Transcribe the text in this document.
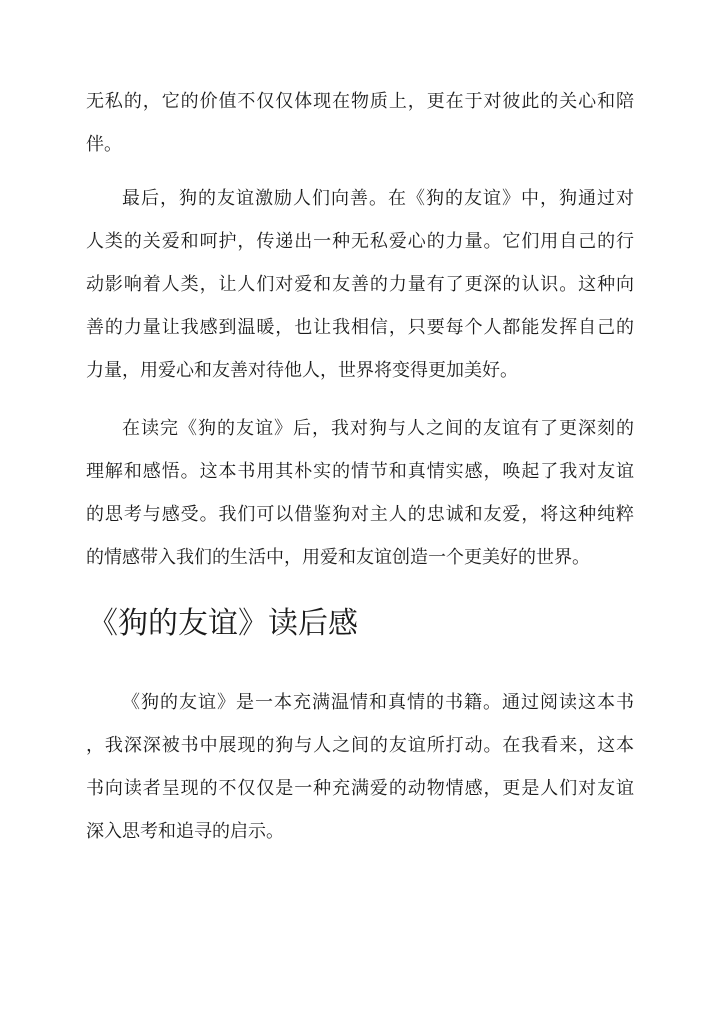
无私的，它的价值不仅仅体现在物质上，更在于对彼此的关心和陪
伴。
最后，狗的友谊激励人们向善。在《狗的友谊》中，狗通过对
人类的关爱和呵护，传递出一种无私爱心的力量。它们用自己的行
动影响着人类，让人们对爱和友善的力量有了更深的认识。这种向
善的力量让我感到温暖，也让我相信，只要每个人都能发挥自己的
力量，用爱心和友善对待他人，世界将变得更加美好。
在读完《狗的友谊》后，我对狗与人之间的友谊有了更深刻的
理解和感悟。这本书用其朴实的情节和真情实感，唤起了我对友谊
的思考与感受。我们可以借鉴狗对主人的忠诚和友爱，将这种纯粹
的情感带入我们的生活中，用爱和友谊创造一个更美好的世界。
《狗的友谊》读后感
《狗的友谊》是一本充满温情和真情的书籍。通过阅读这本书
，我深深被书中展现的狗与人之间的友谊所打动。在我看来，这本
书向读者呈现的不仅仅是一种充满爱的动物情感，更是人们对友谊
深入思考和追寻的启示。
